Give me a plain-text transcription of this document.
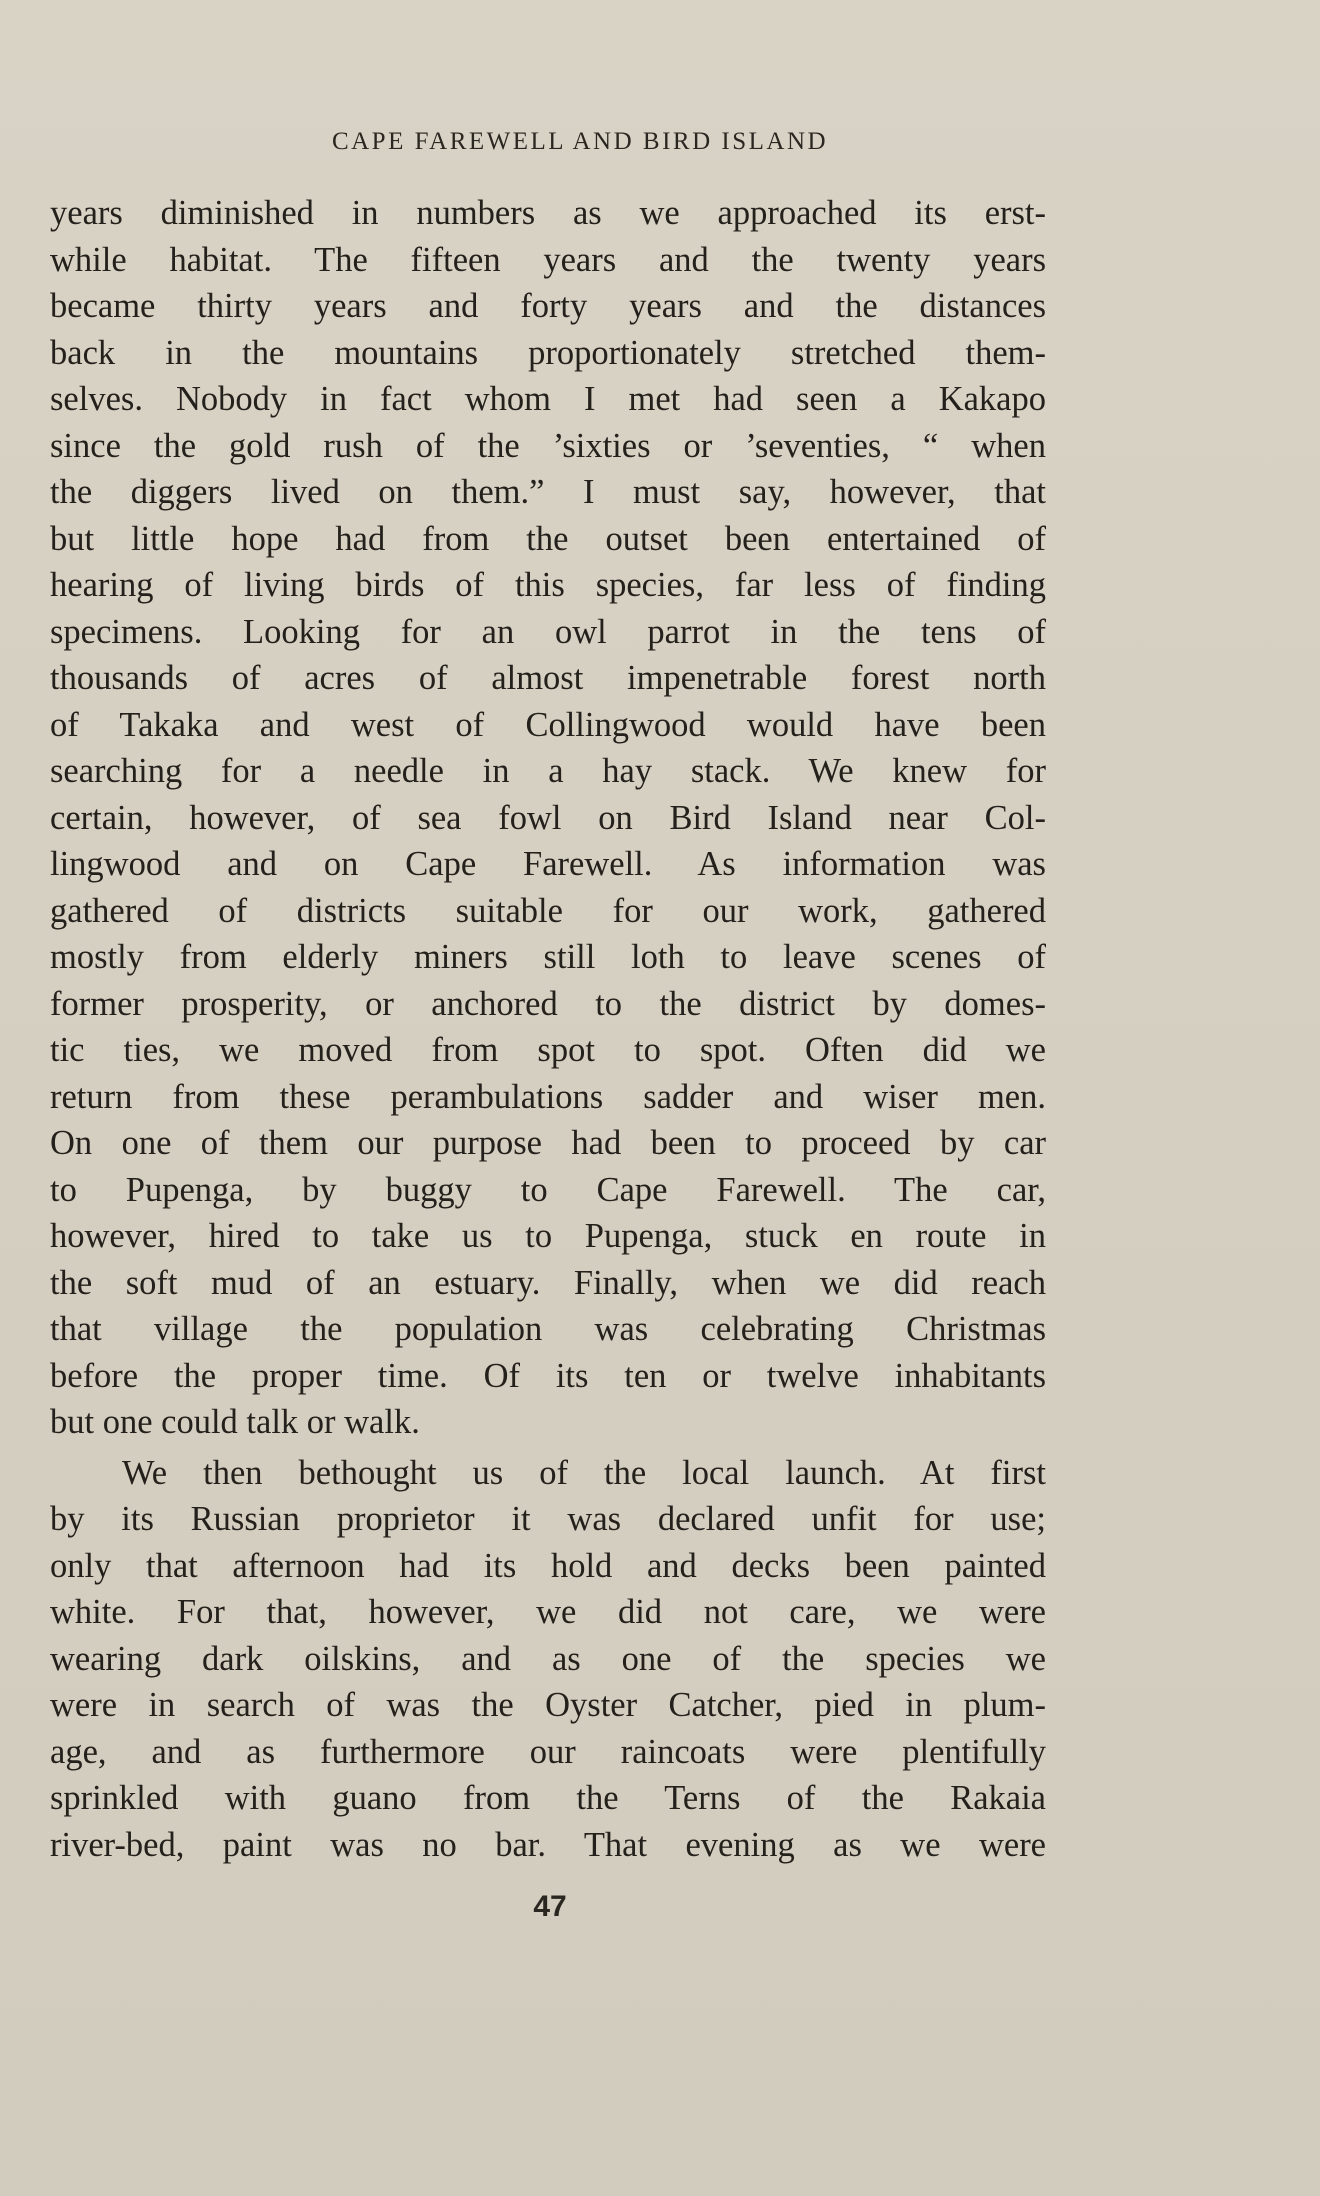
CAPE FAREWELL AND BIRD ISLAND
years diminished in numbers as we approached its erst-
while habitat. The fifteen years and the twenty years
became thirty years and forty years and the distances
back in the mountains proportionately stretched them-
selves. Nobody in fact whom I met had seen a Kakapo
since the gold rush of the ’sixties or ’seventies, “ when
the diggers lived on them.” I must say, however, that
but little hope had from the outset been entertained of
hearing of living birds of this species, far less of finding
specimens. Looking for an owl parrot in the tens of
thousands of acres of almost impenetrable forest north
of Takaka and west of Collingwood would have been
searching for a needle in a hay stack. We knew for
certain, however, of sea fowl on Bird Island near Col-
lingwood and on Cape Farewell. As information was
gathered of districts suitable for our work, gathered
mostly from elderly miners still loth to leave scenes of
former prosperity, or anchored to the district by domes-
tic ties, we moved from spot to spot. Often did we
return from these perambulations sadder and wiser men.
On one of them our purpose had been to proceed by car
to Pupenga, by buggy to Cape Farewell. The car,
however, hired to take us to Pupenga, stuck en route in
the soft mud of an estuary. Finally, when we did reach
that village the population was celebrating Christmas
before the proper time. Of its ten or twelve inhabitants
but one could talk or walk.
We then bethought us of the local launch. At first
by its Russian proprietor it was declared unfit for use;
only that afternoon had its hold and decks been painted
white. For that, however, we did not care, we were
wearing dark oilskins, and as one of the species we
were in search of was the Oyster Catcher, pied in plum-
age, and as furthermore our raincoats were plentifully
sprinkled with guano from the Terns of the Rakaia
river-bed, paint was no bar. That evening as we were
47
